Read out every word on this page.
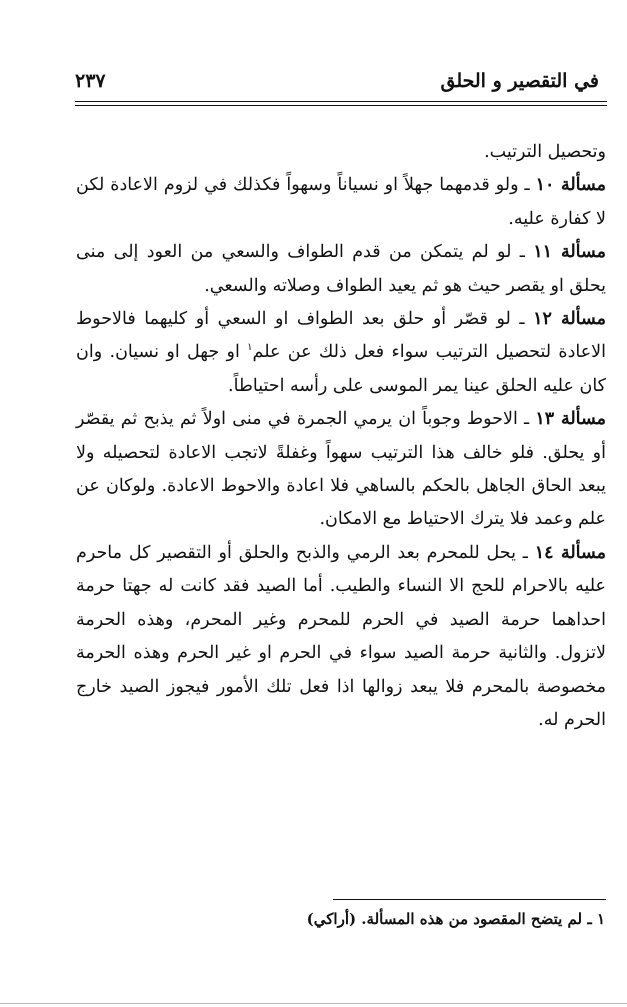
في التقصير و الحلق
٢٣٧

وتحصيل الترتيب.

مسألة ١٠ ـ ولو قدمهما جهلاً او نسياناً وسهواً فكذلك في لزوم الاعادة لكن لا كفارة عليه.

مسألة ١١ ـ لو لم يتمكن من قدم الطواف والسعي من العود إلى منى يحلق او يقصر حيث هو ثم يعيد الطواف وصلاته والسعي.

مسألة ١٢ ـ لو قصّر أو حلق بعد الطواف او السعي أو كليهما فالاحوط الاعادة لتحصيل الترتيب سواء فعل ذلك عن علم$^١$ او جهل او نسيان. وان كان عليه الحلق عينا يمر الموسى على رأسه احتياطاً.

مسألة ١٣ ـ الاحوط وجوباً ان يرمي الجمرة في منى اولاً ثم يذبح ثم يقصّر أو يحلق. فلو خالف هذا الترتيب سهواً وغفلةً لاتجب الاعادة لتحصيله ولا يبعد الحاق الجاهل بالحكم بالساهي فلا اعادة والاحوط الاعادة. ولوكان عن علم وعمد فلا يترك الاحتياط مع الامكان.

مسألة ١٤ ـ يحل للمحرم بعد الرمي والذبح والحلق أو التقصير كل ماحرم عليه بالاحرام للحج الا النساء والطيب. أما الصيد فقد كانت له جهتا حرمة احداهما حرمة الصيد في الحرم للمحرم وغير المحرم، وهذه الحرمة لاتزول. والثانية حرمة الصيد سواء في الحرم او غير الحرم وهذه الحرمة مخصوصة بالمحرم فلا يبعد زوالها اذا فعل تلك الأمور فيجوز الصيد خارج الحرم له.

١ ـ لم يتضح المقصود من هذه المسألة. (أراكي)
